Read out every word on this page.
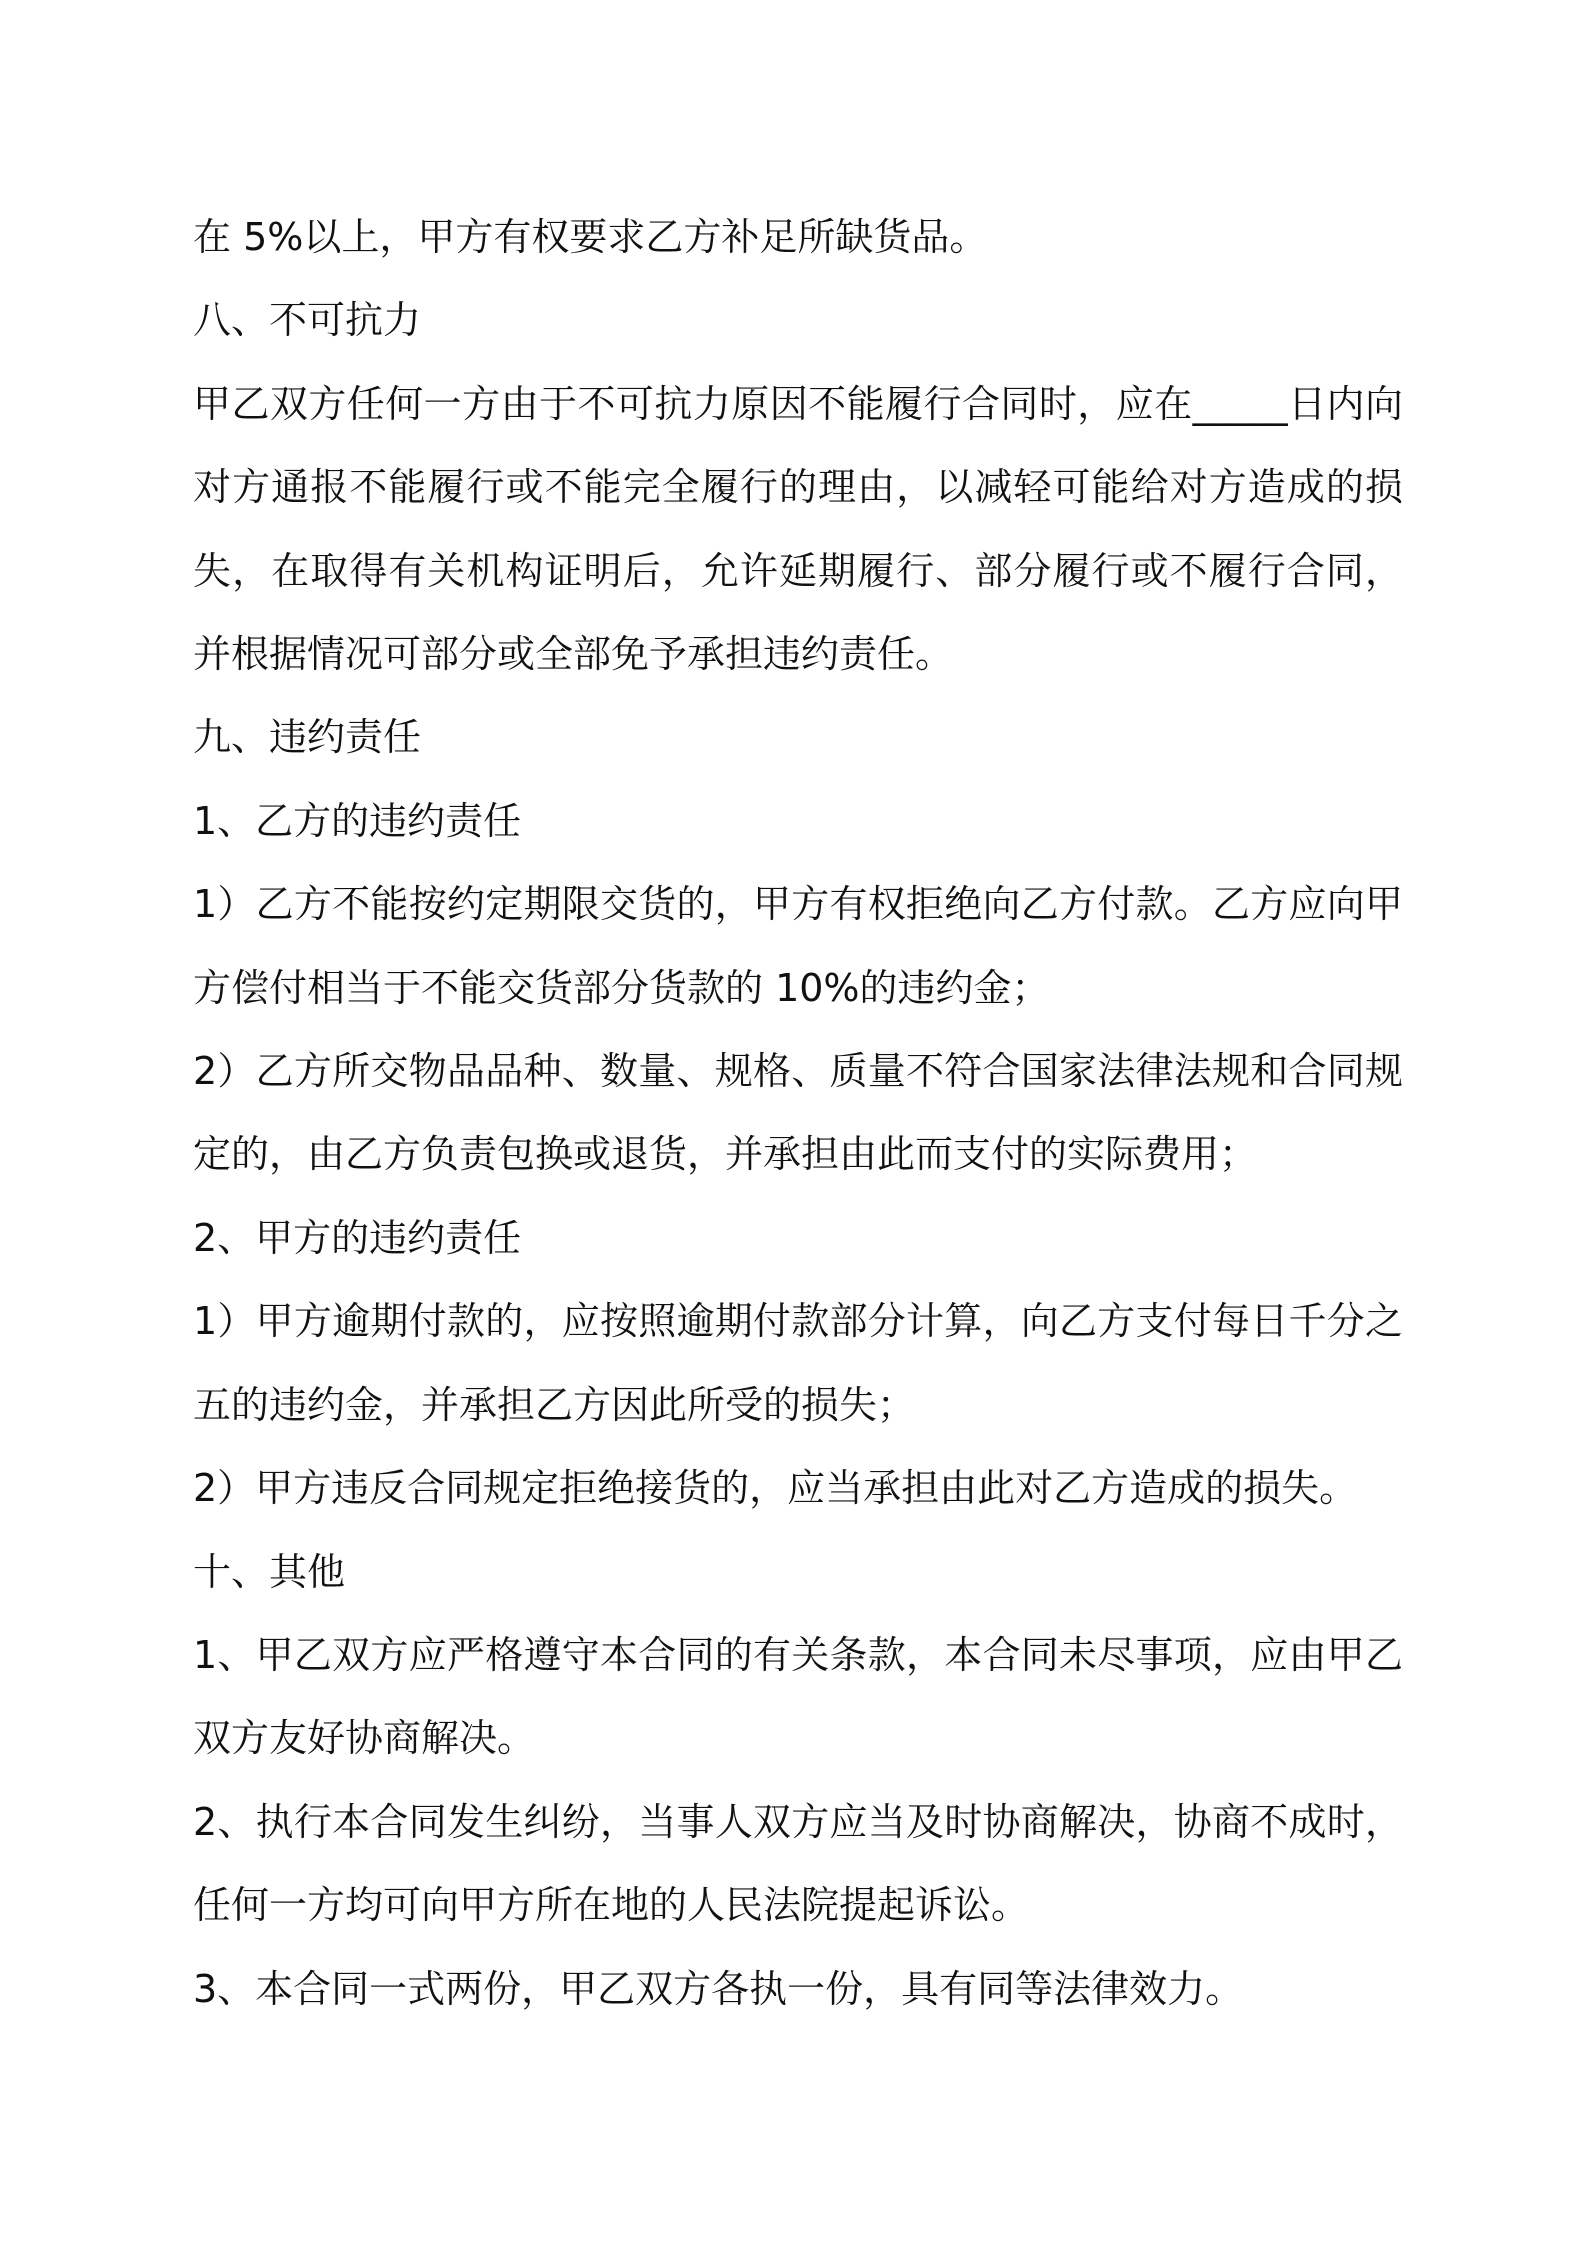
在 5%以上，甲方有权要求乙方补足所缺货品。

八、不可抗力

甲乙双方任何一方由于不可抗力原因不能履行合同时，应在_____日内向对方通报不能履行或不能完全履行的理由，以减轻可能给对方造成的损失，在取得有关机构证明后，允许延期履行、部分履行或不履行合同，并根据情况可部分或全部免予承担违约责任。

九、违约责任

1、乙方的违约责任

1）乙方不能按约定期限交货的，甲方有权拒绝向乙方付款。乙方应向甲方偿付相当于不能交货部分货款的 10%的违约金；

2）乙方所交物品品种、数量、规格、质量不符合国家法律法规和合同规定的，由乙方负责包换或退货，并承担由此而支付的实际费用；

2、甲方的违约责任

1）甲方逾期付款的，应按照逾期付款部分计算，向乙方支付每日千分之五的违约金，并承担乙方因此所受的损失；

2）甲方违反合同规定拒绝接货的，应当承担由此对乙方造成的损失。

十、其他

1、甲乙双方应严格遵守本合同的有关条款，本合同未尽事项，应由甲乙双方友好协商解决。

2、执行本合同发生纠纷，当事人双方应当及时协商解决，协商不成时，任何一方均可向甲方所在地的人民法院提起诉讼。

3、本合同一式两份，甲乙双方各执一份，具有同等法律效力。
